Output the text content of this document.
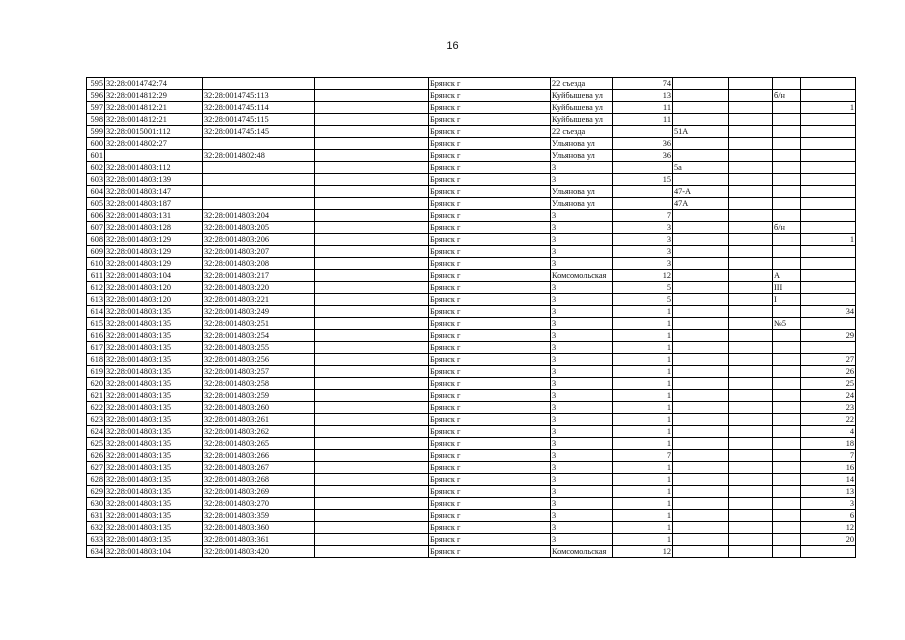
16
595	32:28:0014742:74			Брянск г	22 съезда	74				
596	32:28:0014812:29	32:28:0014745:113		Брянск г	Куйбышева ул	13			б/н	
597	32:28:0014812:21	32:28:0014745:114		Брянск г	Куйбышева ул	11				1
598	32:28:0014812:21	32:28:0014745:115		Брянск г	Куйбышева ул	11				
599	32:28:0015001:112	32:28:0014745:145		Брянск г	22 съезда		51А			
600	32:28:0014802:27			Брянск г	Ульянова ул	36				
601		32:28:0014802:48		Брянск г	Ульянова ул	36				
602	32:28:0014803:112			Брянск г	3		5а			
603	32:28:0014803:139			Брянск г	3	15				
604	32:28:0014803:147			Брянск г	Ульянова ул		47-А			
605	32:28:0014803:187			Брянск г	Ульянова ул		47А			
606	32:28:0014803:131	32:28:0014803:204		Брянск г	3	7				
607	32:28:0014803:128	32:28:0014803:205		Брянск г	3	3			б/н	
608	32:28:0014803:129	32:28:0014803:206		Брянск г	3	3				1
609	32:28:0014803:129	32:28:0014803:207		Брянск г	3	3				
610	32:28:0014803:129	32:28:0014803:208		Брянск г	3	3				
611	32:28:0014803:104	32:28:0014803:217		Брянск г	Комсомольская	12			А	
612	32:28:0014803:120	32:28:0014803:220		Брянск г	3	5			ІІІ	
613	32:28:0014803:120	32:28:0014803:221		Брянск г	3	5			І	
614	32:28:0014803:135	32:28:0014803:249		Брянск г	3	1				34
615	32:28:0014803:135	32:28:0014803:251		Брянск г	3	1			№5	
616	32:28:0014803:135	32:28:0014803:254		Брянск г	3	1				29
617	32:28:0014803:135	32:28:0014803:255		Брянск г	3	1				
618	32:28:0014803:135	32:28:0014803:256		Брянск г	3	1				27
619	32:28:0014803:135	32:28:0014803:257		Брянск г	3	1				26
620	32:28:0014803:135	32:28:0014803:258		Брянск г	3	1				25
621	32:28:0014803:135	32:28:0014803:259		Брянск г	3	1				24
622	32:28:0014803:135	32:28:0014803:260		Брянск г	3	1				23
623	32:28:0014803:135	32:28:0014803:261		Брянск г	3	1				22
624	32:28:0014803:135	32:28:0014803:262		Брянск г	3	1				4
625	32:28:0014803:135	32:28:0014803:265		Брянск г	3	1				18
626	32:28:0014803:135	32:28:0014803:266		Брянск г	3	7				7
627	32:28:0014803:135	32:28:0014803:267		Брянск г	3	1				16
628	32:28:0014803:135	32:28:0014803:268		Брянск г	3	1				14
629	32:28:0014803:135	32:28:0014803:269		Брянск г	3	1				13
630	32:28:0014803:135	32:28:0014803:270		Брянск г	3	1				3
631	32:28:0014803:135	32:28:0014803:359		Брянск г	3	1				6
632	32:28:0014803:135	32:28:0014803:360		Брянск г	3	1				12
633	32:28:0014803:135	32:28:0014803:361		Брянск г	3	1				20
634	32:28:0014803:104	32:28:0014803:420		Брянск г	Комсомольская	12				
